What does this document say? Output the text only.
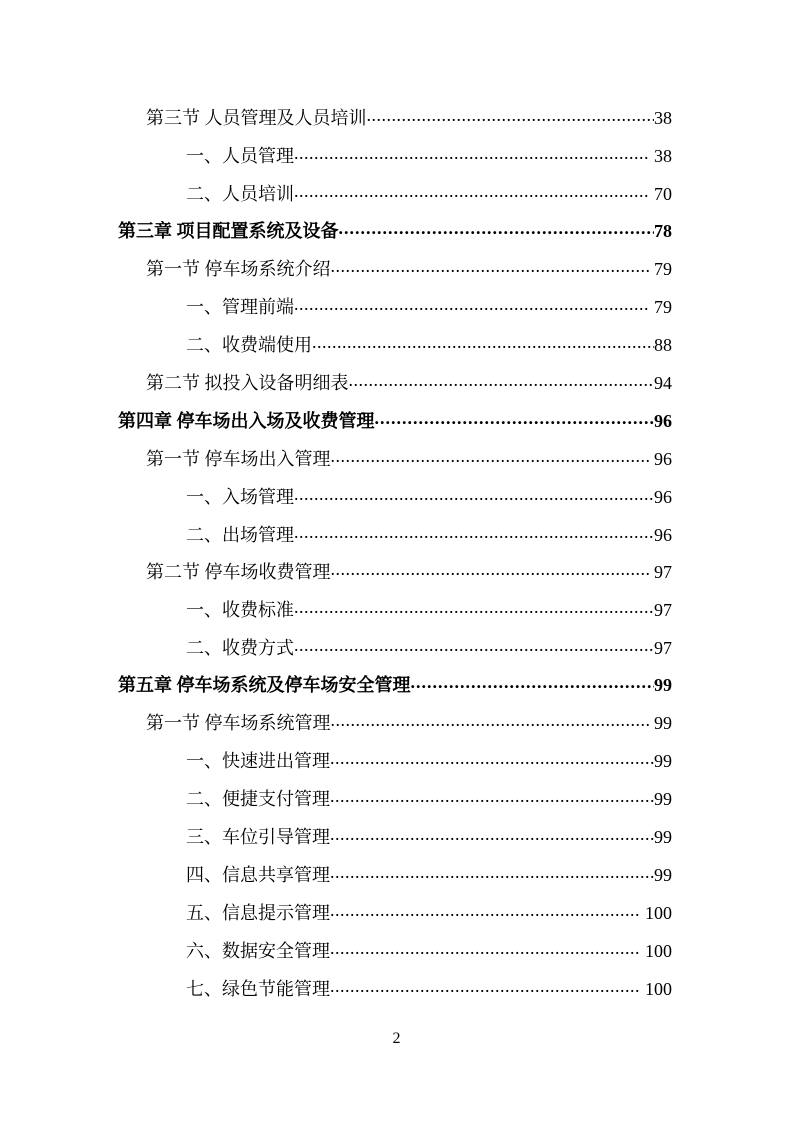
第三节 人员管理及人员培训 .....	38
一、人员管理 .....	38
二、人员培训 .....	70
第三章 项目配置系统及设备 .....	78
第一节 停车场系统介绍 .....	79
一、管理前端 .....	79
二、收费端使用 .....	88
第二节 拟投入设备明细表 .....	94
第四章 停车场出入场及收费管理 .....	96
第一节 停车场出入管理 .....	96
一、入场管理 .....	96
二、出场管理 .....	96
第二节 停车场收费管理 .....	97
一、收费标准 .....	97
二、收费方式 .....	97
第五章 停车场系统及停车场安全管理 .....	99
第一节 停车场系统管理 .....	99
一、快速进出管理 .....	99
二、便捷支付管理 .....	99
三、车位引导管理 .....	99
四、信息共享管理 .....	99
五、信息提示管理 .....	100
六、数据安全管理 .....	100
七、绿色节能管理 .....	100
2
